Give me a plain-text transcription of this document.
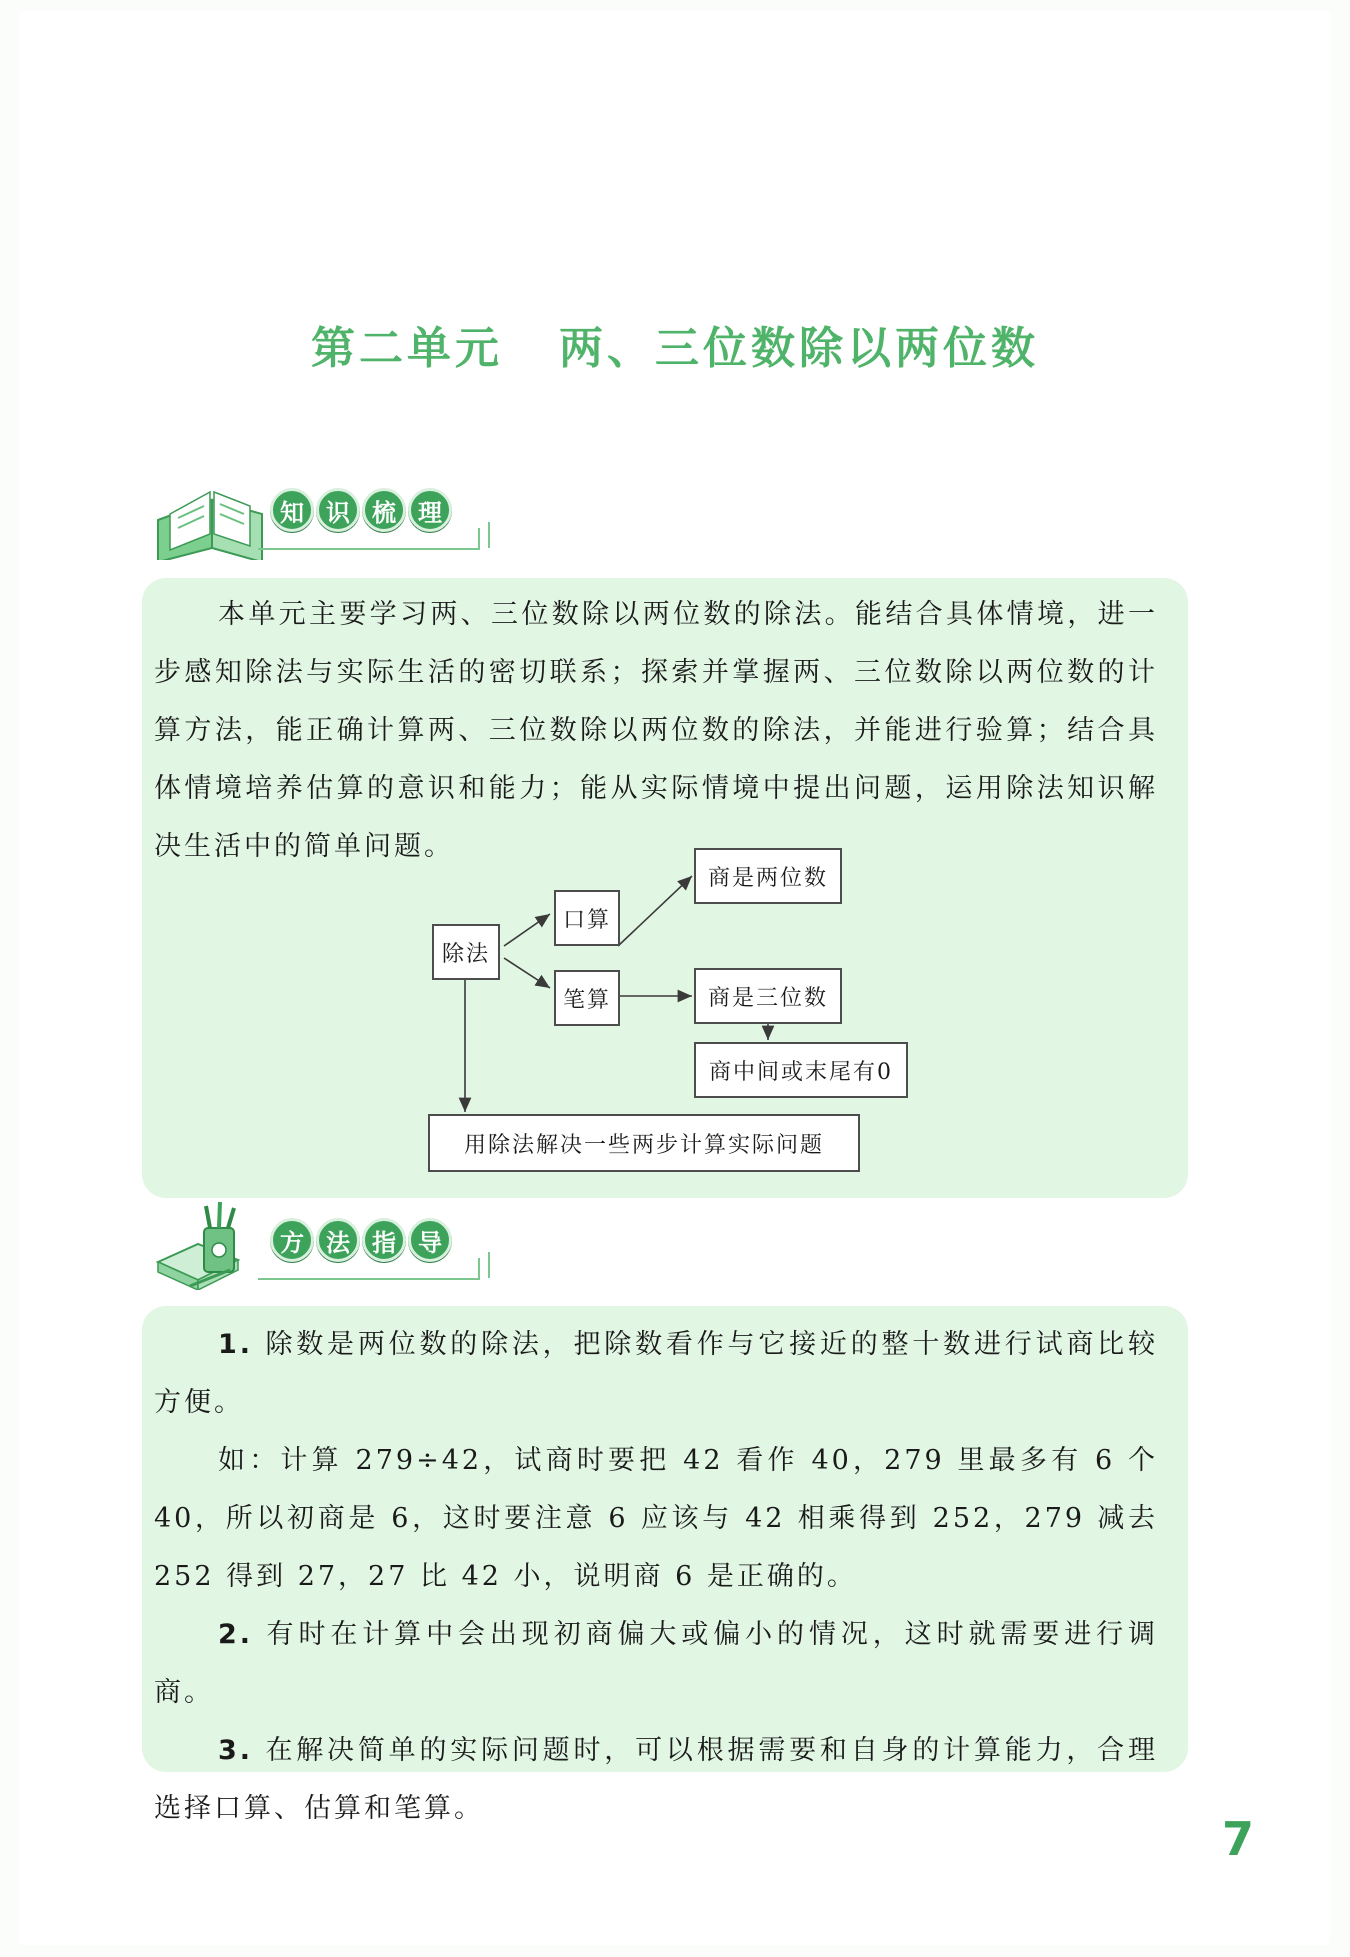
第二单元 两、三位数除以两位数
知 识 梳 理

本单元主要学习两、三位数除以两位数的除法。能结合具体情境，进一步感知除法与实际生活的密切联系；探索并掌握两、三位数除以两位数的计算方法，能正确计算两、三位数除以两位数的除法，并能进行验算；结合具体情境培养估算的意识和能力；能从实际情境中提出问题，运用除法知识解决生活中的简单问题。

除法
口算
笔算
商是两位数
商是三位数
商中间或末尾有0
用除法解决一些两步计算实际问题
方 法 指 导

1. 除数是两位数的除法，把除数看作与它接近的整十数进行试商比较方便。

如：计算 279÷42，试商时要把 42 看作 40，279 里最多有 6 个 40，所以初商是 6，这时要注意 6 应该与 42 相乘得到 252，279 减去 252 得到 27，27 比 42 小，说明商 6 是正确的。

2. 有时在计算中会出现初商偏大或偏小的情况，这时就需要进行调商。

3. 在解决简单的实际问题时，可以根据需要和自身的计算能力，合理选择口算、估算和笔算。

7
